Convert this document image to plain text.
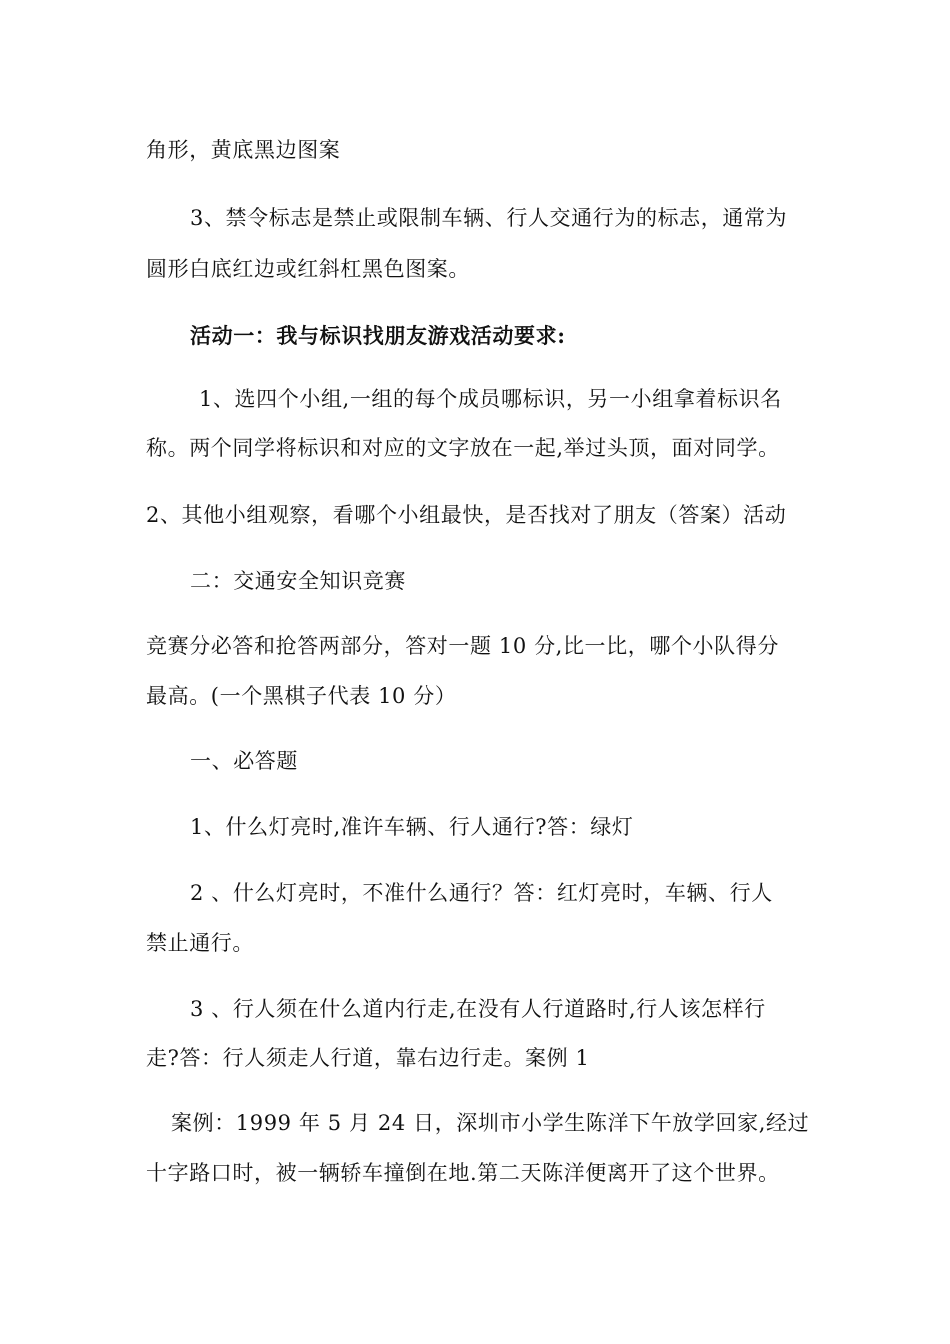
角形，黄底黑边图案
3、禁令标志是禁止或限制车辆、行人交通行为的标志，通常为
圆形白底红边或红斜杠黑色图案。
活动一：我与标识找朋友游戏活动要求:
1、选四个小组,一组的每个成员哪标识，另一小组拿着标识名
称。两个同学将标识和对应的文字放在一起,举过头顶，面对同学。
2、其他小组观察，看哪个小组最快，是否找对了朋友（答案）活动
二：交通安全知识竞赛
竞赛分必答和抢答两部分，答对一题 10 分,比一比，哪个小队得分
最高。(一个黑棋子代表 10 分）
一、必答题
1、什么灯亮时,准许车辆、行人通行?答：绿灯
2 、什么灯亮时，不准什么通行？答：红灯亮时，车辆、行人
禁止通行。
3 、行人须在什么道内行走,在没有人行道路时,行人该怎样行
走?答：行人须走人行道，靠右边行走。案例 1
案例：1999 年 5 月 24 日，深圳市小学生陈洋下午放学回家,经过
十字路口时，被一辆轿车撞倒在地.第二天陈洋便离开了这个世界。
